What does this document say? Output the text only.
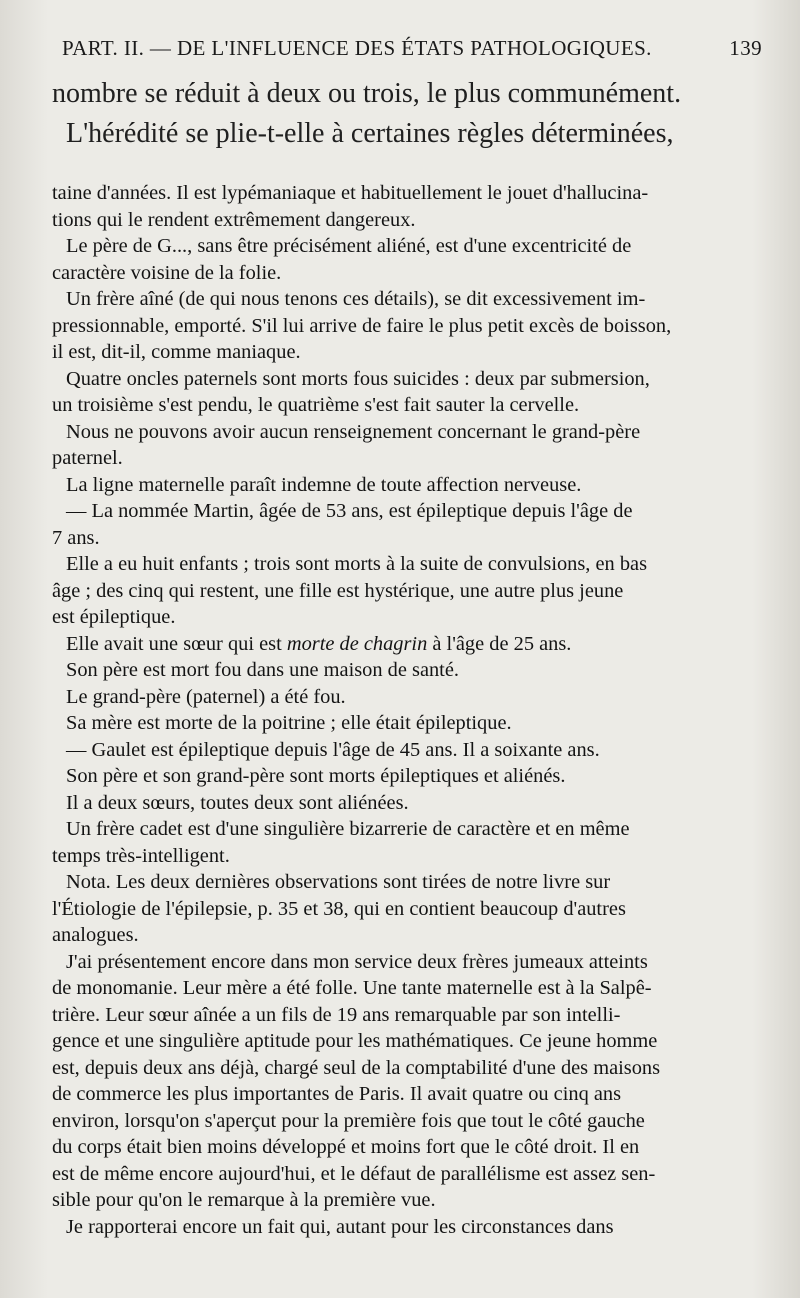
PART. II. — DE L'INFLUENCE DES ÉTATS PATHOLOGIQUES.	139
nombre se réduit à deux ou trois, le plus communément.
L'hérédité se plie-t-elle à certaines règles déterminées,

taine d'années. Il est lypémaniaque et habituellement le jouet d'hallucina-
tions qui le rendent extrêmement dangereux.

Le père de G..., sans être précisément aliéné, est d'une excentricité de
caractère voisine de la folie.

Un frère aîné (de qui nous tenons ces détails), se dit excessivement im-
pressionnable, emporté. S'il lui arrive de faire le plus petit excès de boisson,
il est, dit-il, comme maniaque.

Quatre oncles paternels sont morts fous suicides : deux par submersion,
un troisième s'est pendu, le quatrième s'est fait sauter la cervelle.

Nous ne pouvons avoir aucun renseignement concernant le grand-père
paternel.

La ligne maternelle paraît indemne de toute affection nerveuse.

— La nommée Martin, âgée de 53 ans, est épileptique depuis l'âge de
7 ans.

Elle a eu huit enfants ; trois sont morts à la suite de convulsions, en bas
âge ; des cinq qui restent, une fille est hystérique, une autre plus jeune
est épileptique.

Elle avait une sœur qui est morte de chagrin à l'âge de 25 ans.

Son père est mort fou dans une maison de santé.

Le grand-père (paternel) a été fou.

Sa mère est morte de la poitrine ; elle était épileptique.

— Gaulet est épileptique depuis l'âge de 45 ans. Il a soixante ans.

Son père et son grand-père sont morts épileptiques et aliénés.

Il a deux sœurs, toutes deux sont aliénées.

Un frère cadet est d'une singulière bizarrerie de caractère et en même
temps très-intelligent.

Nota. Les deux dernières observations sont tirées de notre livre sur
l'Étiologie de l'épilepsie, p. 35 et 38, qui en contient beaucoup d'autres
analogues.

J'ai présentement encore dans mon service deux frères jumeaux atteints
de monomanie. Leur mère a été folle. Une tante maternelle est à la Salpê-
trière. Leur sœur aînée a un fils de 19 ans remarquable par son intelli-
gence et une singulière aptitude pour les mathématiques. Ce jeune homme
est, depuis deux ans déjà, chargé seul de la comptabilité d'une des maisons
de commerce les plus importantes de Paris. Il avait quatre ou cinq ans
environ, lorsqu'on s'aperçut pour la première fois que tout le côté gauche
du corps était bien moins développé et moins fort que le côté droit. Il en
est de même encore aujourd'hui, et le défaut de parallélisme est assez sen-
sible pour qu'on le remarque à la première vue.

Je rapporterai encore un fait qui, autant pour les circonstances dans
